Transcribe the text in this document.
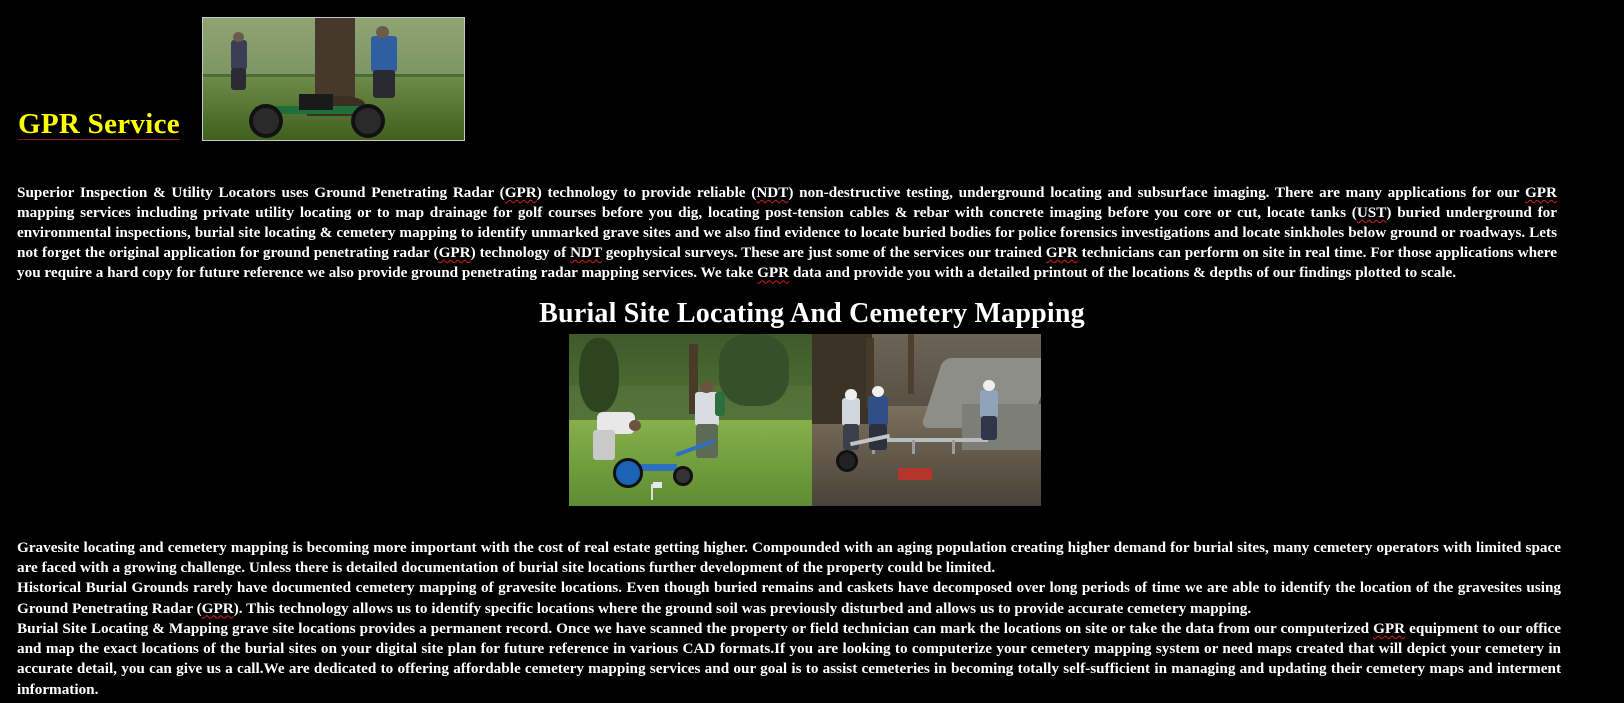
GPR Service
Superior Inspection & Utility Locators uses Ground Penetrating Radar (GPR) technology to provide reliable (NDT) non-destructive testing, underground locating and subsurface imaging. There are many applications for our GPR mapping services including private utility locating or to map drainage for golf courses before you dig, locating post-tension cables & rebar with concrete imaging before you core or cut, locate tanks (UST) buried underground for environmental inspections, burial site locating & cemetery mapping to identify unmarked grave sites and we also find evidence to locate buried bodies for police forensics investigations and locate sinkholes below ground or roadways. Lets not forget the original application for ground penetrating radar (GPR) technology of NDT geophysical surveys. These are just some of the services our trained GPR technicians can perform on site in real time. For those applications where you require a hard copy for future reference we also provide ground penetrating radar mapping services. We take GPR data and provide you with a detailed printout of the locations & depths of our findings plotted to scale.
Burial Site Locating And Cemetery Mapping

Gravesite locating and cemetery mapping is becoming more important with the cost of real estate getting higher. Compounded with an aging population creating higher demand for burial sites, many cemetery operators with limited space are faced with a growing challenge. Unless there is detailed documentation of burial site locations further development of the property could be limited.

Historical Burial Grounds rarely have documented cemetery mapping of gravesite locations. Even though buried remains and caskets have decomposed over long periods of time we are able to identify the location of the gravesites using Ground Penetrating Radar (GPR). This technology allows us to identify specific locations where the ground soil was previously disturbed and allows us to provide accurate cemetery mapping.

Burial Site Locating & Mapping grave site locations provides a permanent record. Once we have scanned the property or field technician can mark the locations on site or take the data from our computerized GPR equipment to our office and map the exact locations of the burial sites on your digital site plan for future reference in various CAD formats.If you are looking to computerize your cemetery mapping system or need maps created that will depict your cemetery in accurate detail, you can give us a call.We are dedicated to offering affordable cemetery mapping services and our goal is to assist cemeteries in becoming totally self-sufficient in managing and updating their cemetery maps and interment information.
